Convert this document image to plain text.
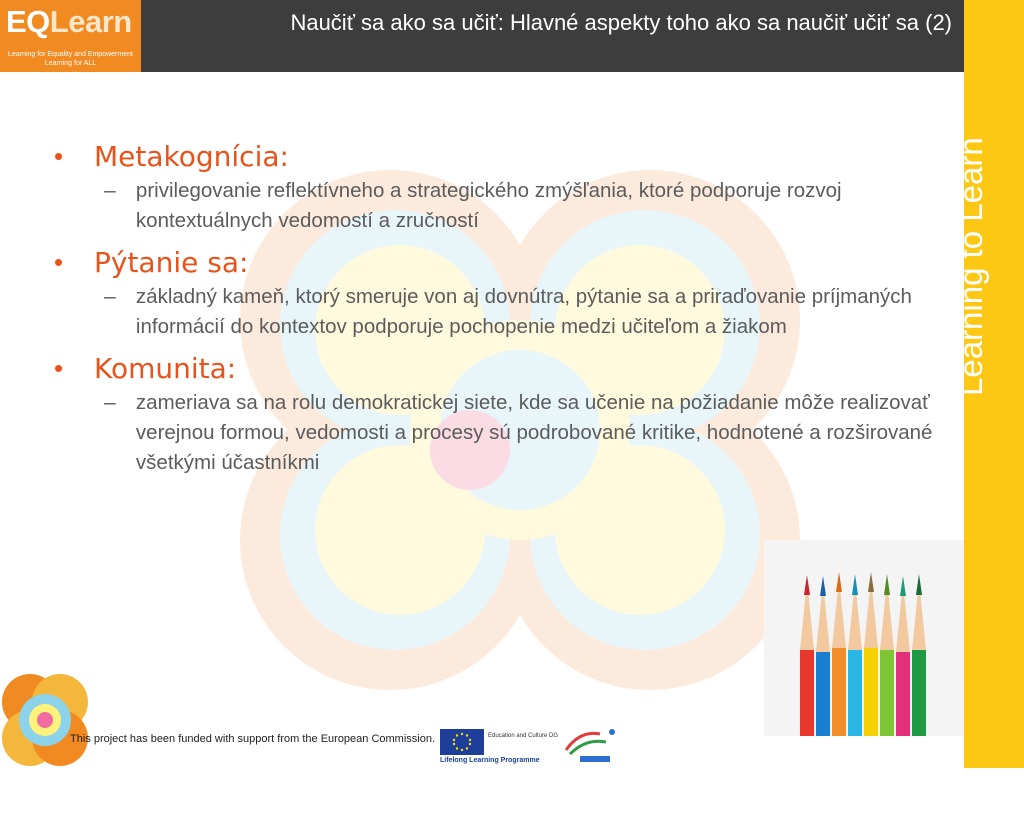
EQLearn
Learning for Equality and Empowerment
Learning for ALL
Naučiť sa ako sa učiť: Hlavné aspekty toho ako sa naučiť učiť sa (2)
Learning to Learn
•	Metakognícia:
– privilegovanie reflektívneho a strategického zmýšľania, ktoré podporuje rozvoj kontextuálnych vedomostí a zručností
•	Pýtanie sa:
– základný kameň, ktorý smeruje von aj dovnútra, pýtanie sa a priraďovanie príjmaných informácií do kontextov podporuje pochopenie medzi učiteľom a žiakom
•	Komunita:
– zameriava sa na rolu demokratickej siete, kde sa učenie na požiadanie môže realizovať verejnou formou, vedomosti a procesy sú podrobované kritike, hodnotené a rozširované všetkými účastníkmi
This project has been funded with support from the European Commission.	Education and Culture DG
Lifelong Learning Programme
